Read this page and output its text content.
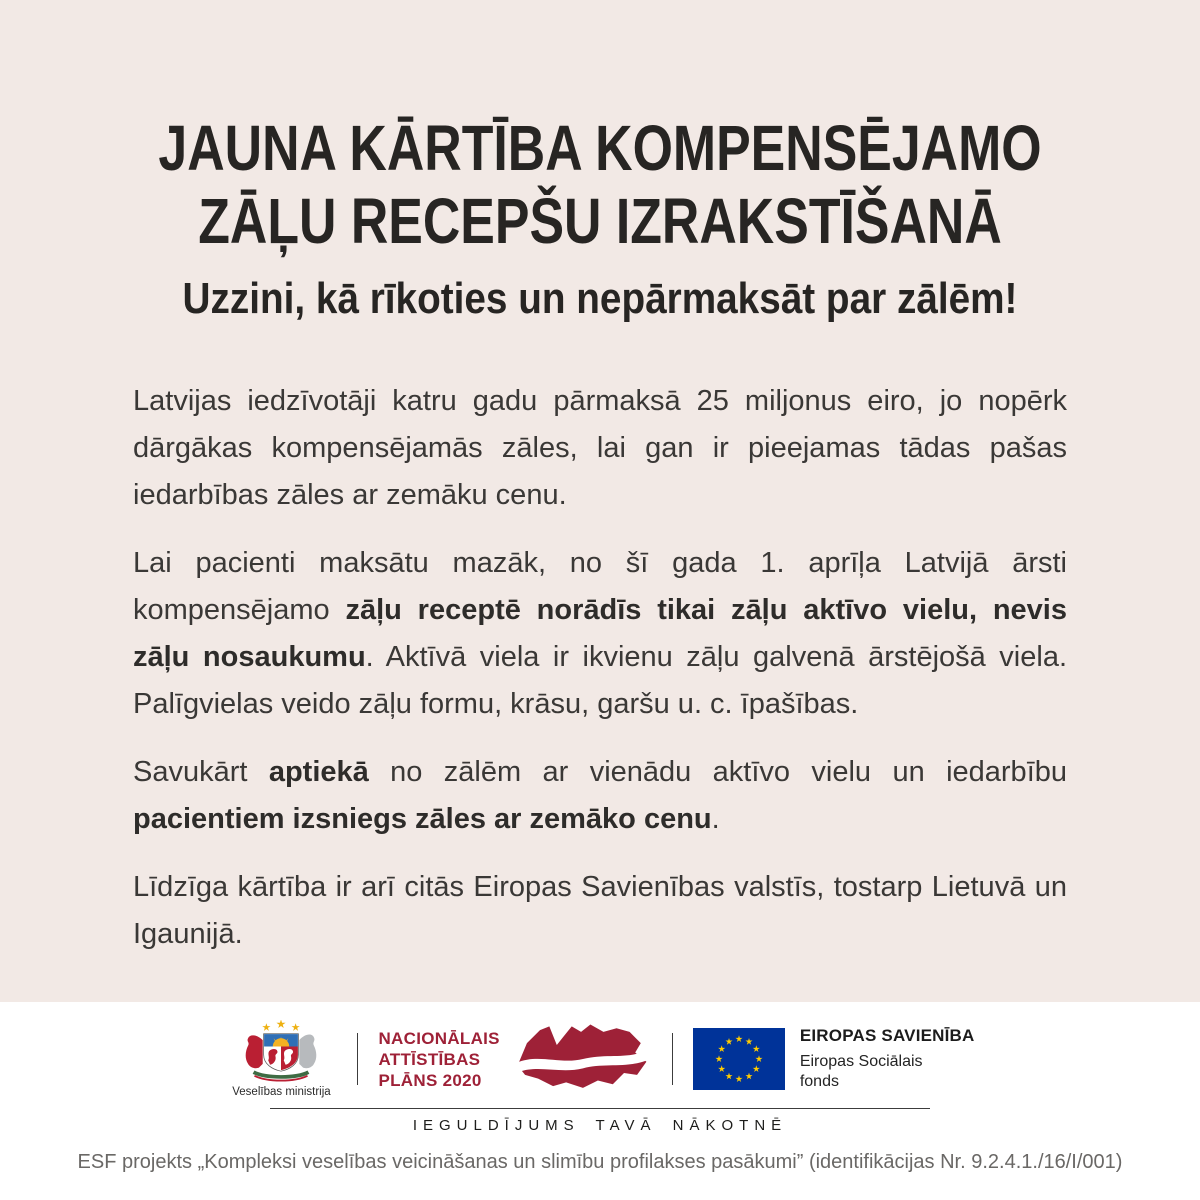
JAUNA KĀRTĪBA KOMPENSĒJAMO
ZĀĻU RECEPŠU IZRAKSTĪŠANĀ

Uzzini, kā rīkoties un nepārmaksāt par zālēm!

Latvijas iedzīvotāji katru gadu pārmaksā 25 miljonus eiro, jo nopērk dārgākas kompensējamās zāles, lai gan ir pieejamas tādas pašas iedarbības zāles ar zemāku cenu.

Lai pacienti maksātu mazāk, no šī gada 1. aprīļa Latvijā ārsti kompensējamo zāļu receptē norādīs tikai zāļu aktīvo vielu, nevis zāļu nosaukumu. Aktīvā viela ir ikvienu zāļu galvenā ārstējošā viela. Palīgvielas veido zāļu formu, krāsu, garšu u. c. īpašības.

Savukārt aptiekā no zālēm ar vienādu aktīvo vielu un iedarbību pacientiem izsniegs zāles ar zemāko cenu.

Līdzīga kārtība ir arī citās Eiropas Savienības valstīs, tostarp Lietuvā un Igaunijā.

Veselības ministrija
NACIONĀLAIS
ATTĪSTĪBAS
PLĀNS 2020
EIROPAS SAVIENĪBA
Eiropas Sociālais
fonds
IEGULDĪJUMS TAVĀ NĀKOTNĒ
ESF projekts „Kompleksi veselības veicināšanas un slimību profilakses pasākumi” (identifikācijas Nr. 9.2.4.1./16/I/001)
